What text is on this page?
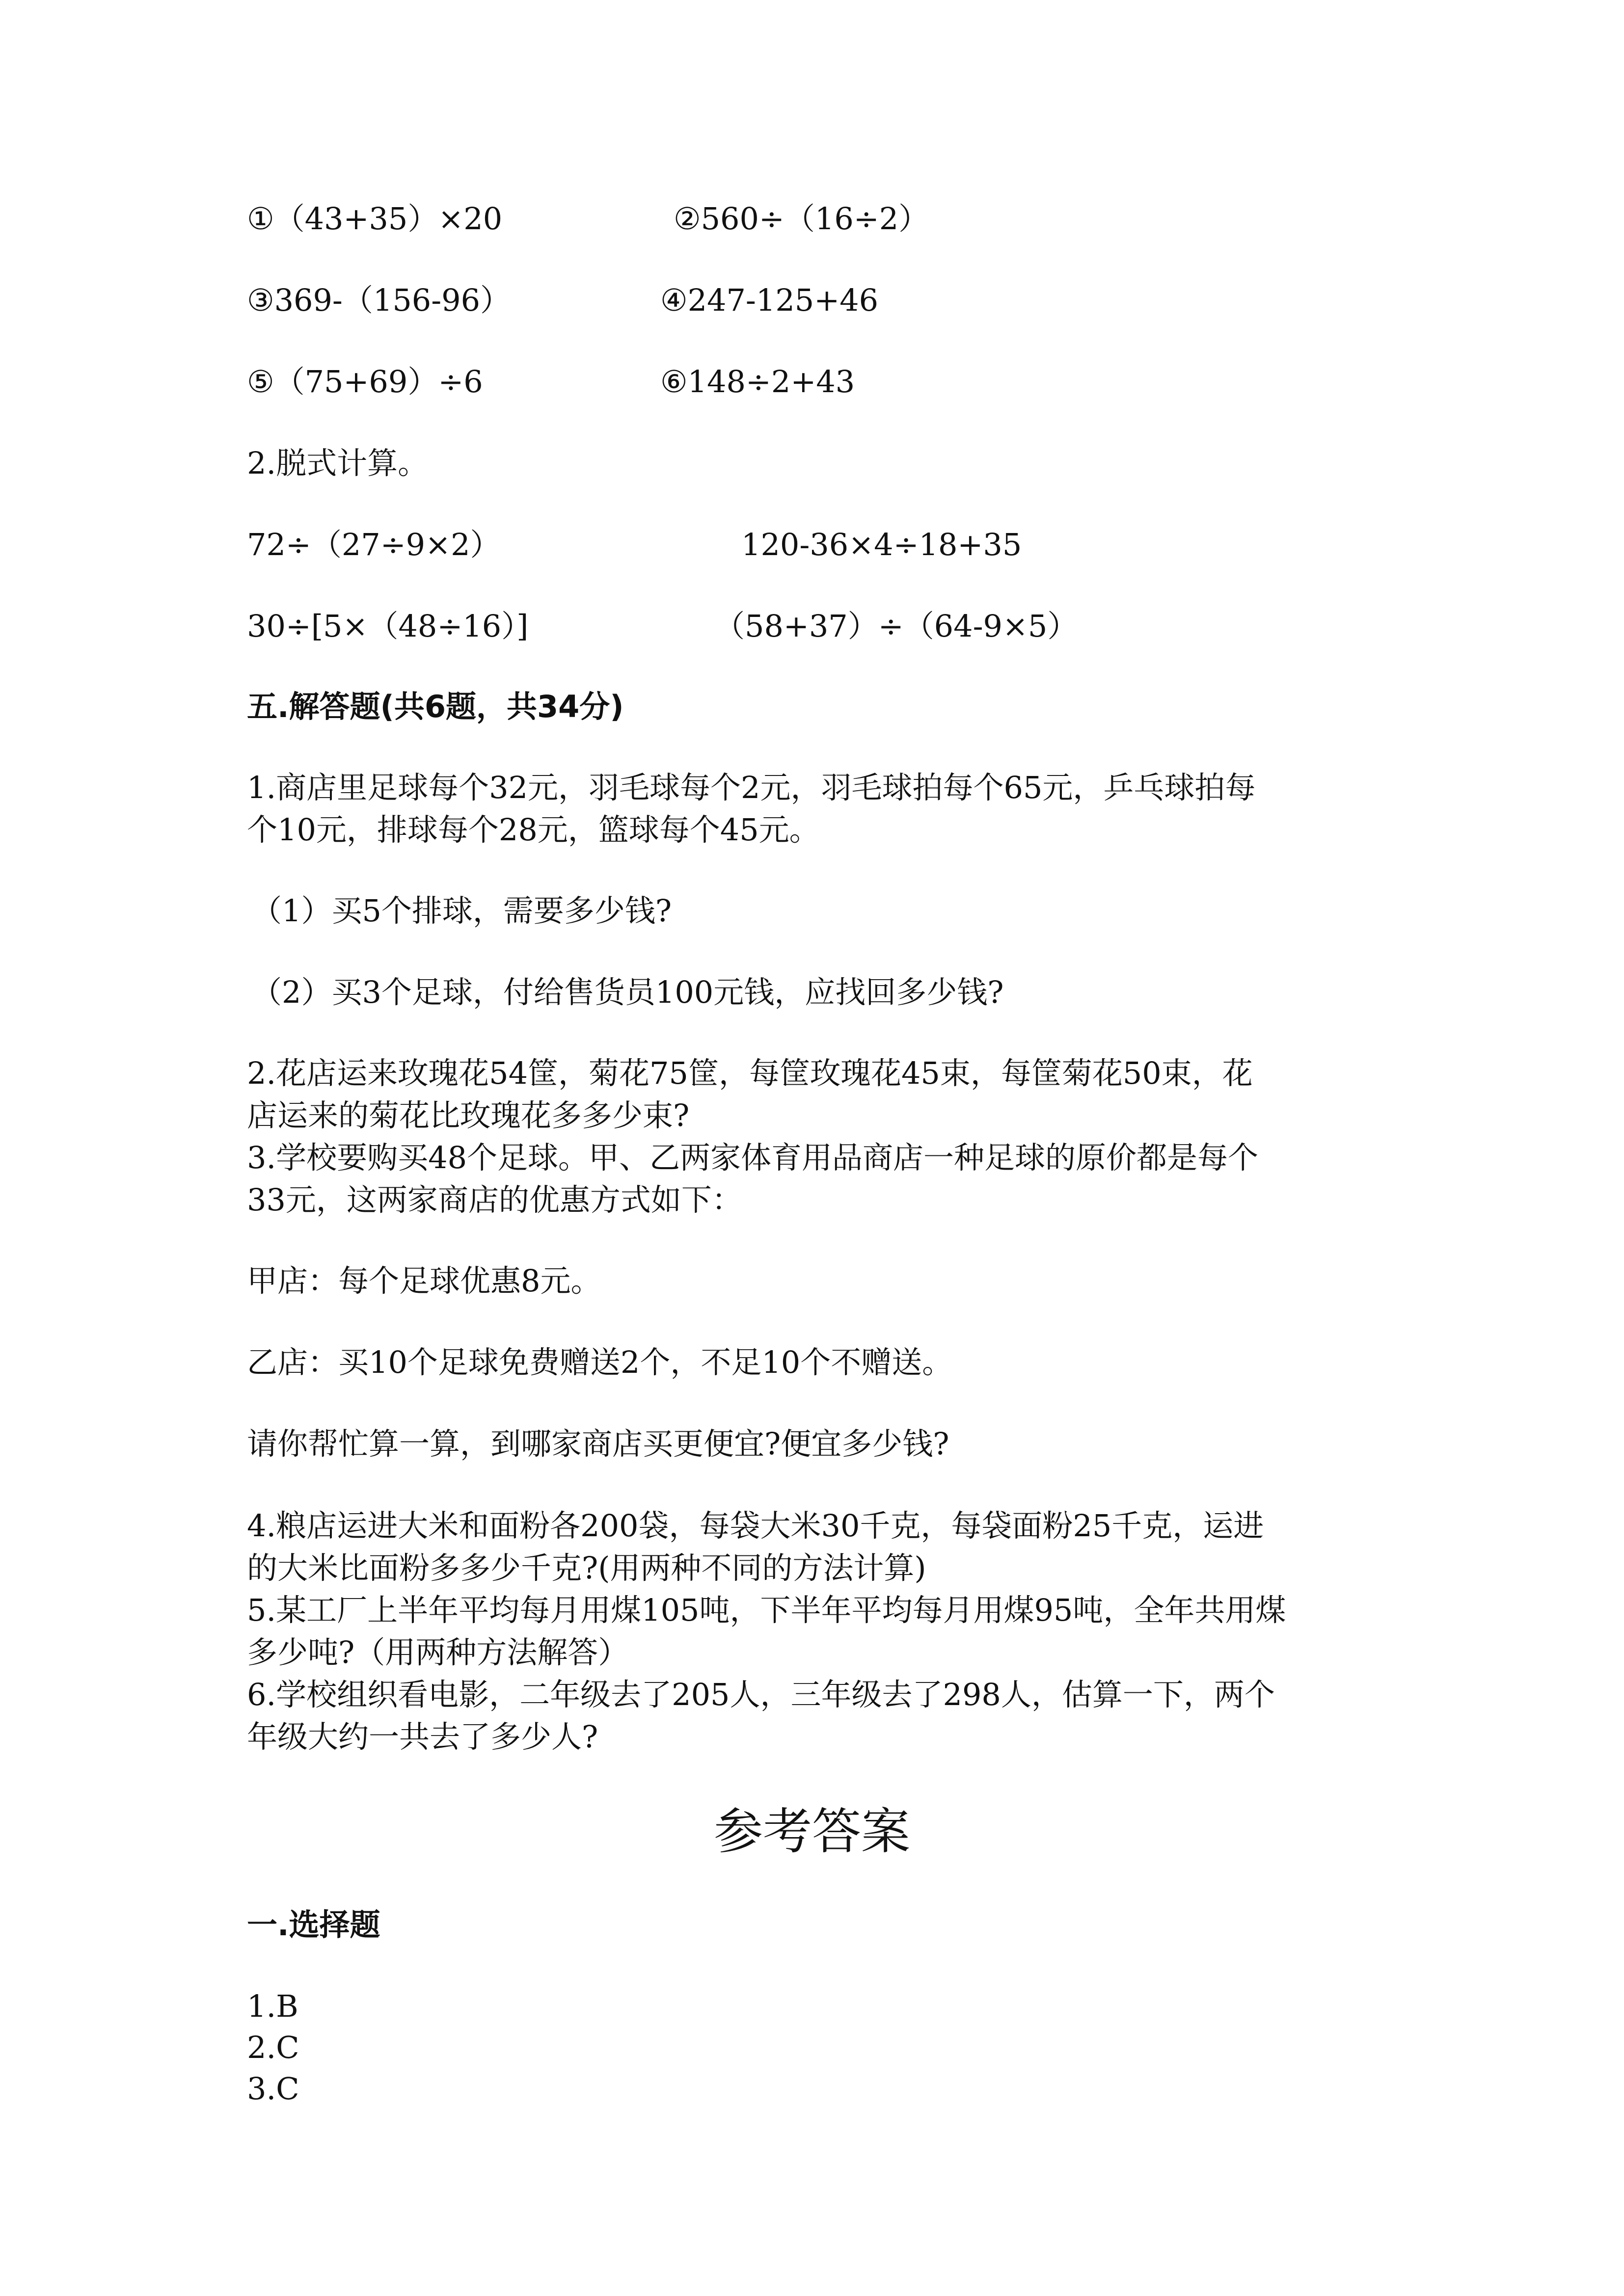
①（43+35）×20	②560÷（16÷2）
③369-（156-96）	④247-125+46
⑤（75+69）÷6	⑥148÷2+43
2.脱式计算。
72÷（27÷9×2）	120-36×4÷18+35
30÷[5×（48÷16）]	（58+37）÷（64-9×5）
五.解答题(共6题，共34分)
1.商店里足球每个32元，羽毛球每个2元，羽毛球拍每个65元，乒乓球拍每
个10元，排球每个28元，篮球每个45元。
（1）买5个排球，需要多少钱?
（2）买3个足球，付给售货员100元钱，应找回多少钱?
2.花店运来玫瑰花54筐，菊花75筐，每筐玫瑰花45束，每筐菊花50束，花
店运来的菊花比玫瑰花多多少束?
3.学校要购买48个足球。甲、乙两家体育用品商店一种足球的原价都是每个
33元，这两家商店的优惠方式如下：
甲店：每个足球优惠8元。
乙店：买10个足球免费赠送2个，不足10个不赠送。
请你帮忙算一算，到哪家商店买更便宜?便宜多少钱?
4.粮店运进大米和面粉各200袋，每袋大米30千克，每袋面粉25千克，运进
的大米比面粉多多少千克?(用两种不同的方法计算)
5.某工厂上半年平均每月用煤105吨，下半年平均每月用煤95吨，全年共用煤
多少吨?（用两种方法解答）
6.学校组织看电影，二年级去了205人，三年级去了298人，估算一下，两个
年级大约一共去了多少人?
参考答案
一.选择题
1.B
2.C
3.C
